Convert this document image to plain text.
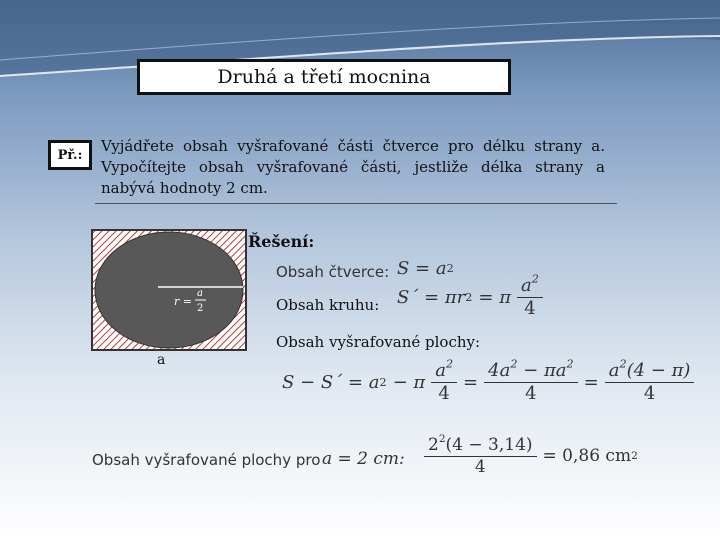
Druhá a třetí mocnina
Př.: Vyjádřete obsah vyšrafované části čtverce pro délku strany a. Vypočítejte obsah vyšrafované části, jestliže délka strany a nabývá hodnoty 2 cm.
r =
a
2
a
Řešení:
Obsah čtverce: S = a 2
Obsah kruhu: S´ = πr 2 = π $\frac{a^2}{4}$
Obsah vyšrafované plochy:
S − S´ = a 2 − π $\frac{a^2}{4} = \frac{4a^2 - \pi a^2}{4} = \frac{a^2(4 - \pi)}{4}$
Obsah vyšrafované plochy pro a = 2 cm: $\frac{2^2(4 - 3,14)}{4} = 0,86$ cm 2
